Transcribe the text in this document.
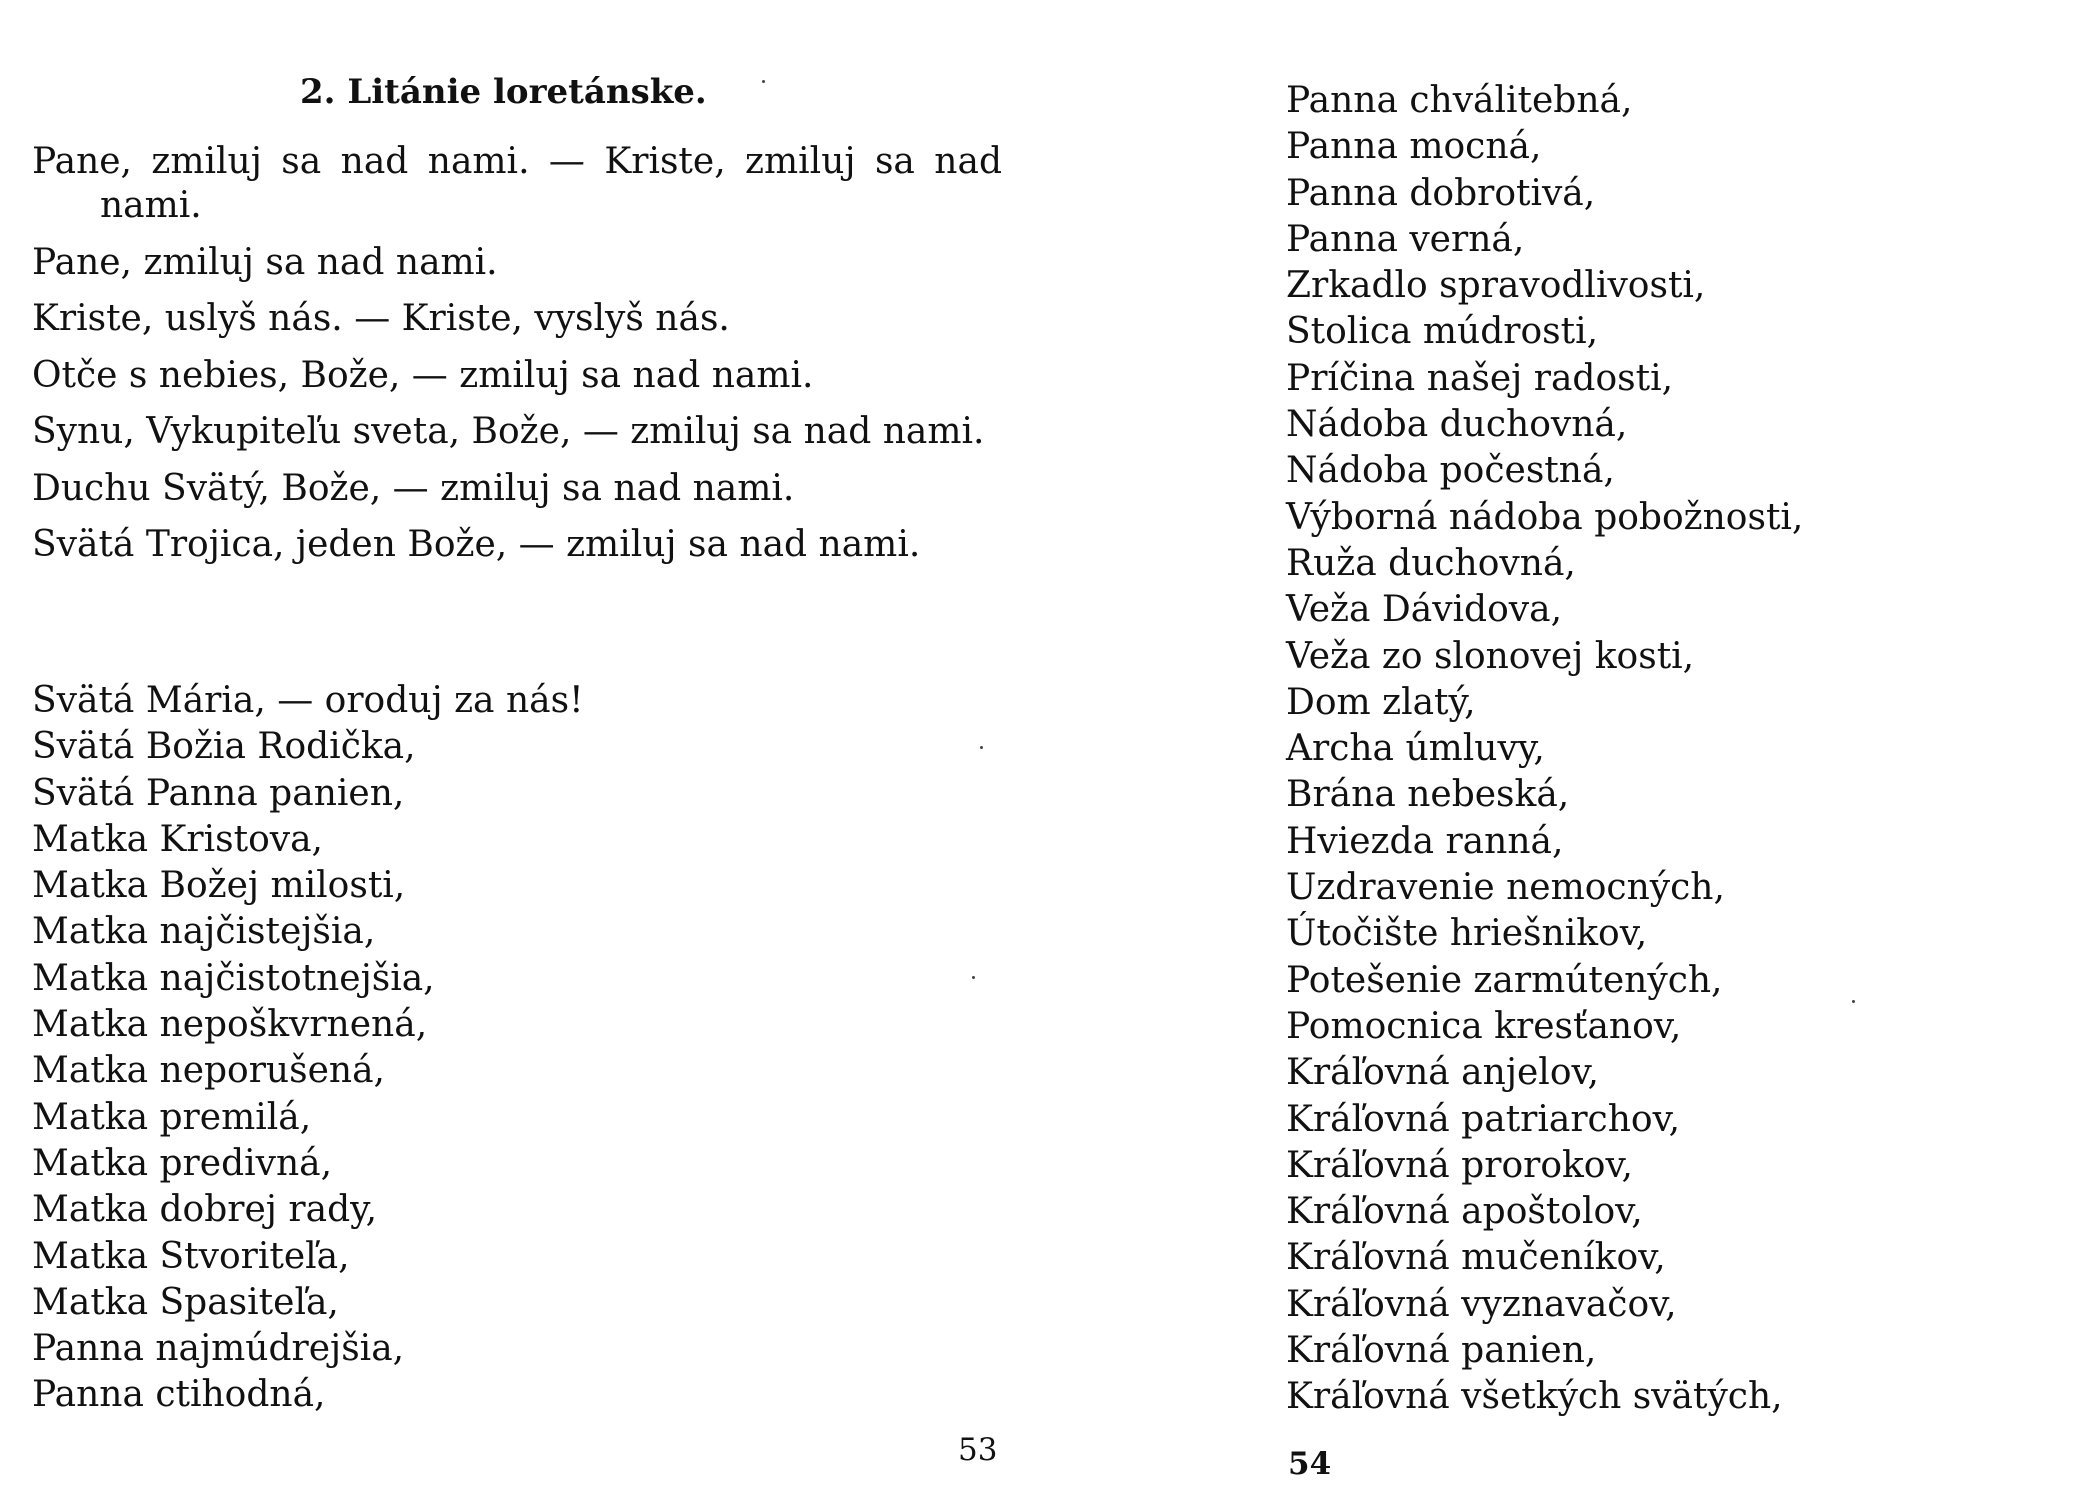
2. Litánie loretánske.

Pane, zmiluj sa nad nami. — Kriste, zmiluj sa nad nami.

Pane, zmiluj sa nad nami.

Kriste, uslyš nás. — Kriste, vyslyš nás.

Otče s nebies, Bože, — zmiluj sa nad nami.

Synu, Vykupiteľu sveta, Bože, — zmiluj sa nad nami.

Duchu Svätý, Bože, — zmiluj sa nad nami.

Svätá Trojica, jeden Bože, — zmiluj sa nad nami.

Svätá Mária, — oroduj za nás!
Svätá Božia Rodička,
Svätá Panna panien,
Matka Kristova,
Matka Božej milosti,
Matka najčistejšia,
Matka najčistotnejšia,
Matka nepoškvrnená,
Matka neporušená,
Matka premilá,
Matka predivná,
Matka dobrej rady,
Matka Stvoriteľa,
Matka Spasiteľa,
Panna najmúdrejšia,
Panna ctihodná,
53
Panna chválitebná,
Panna mocná,
Panna dobrotivá,
Panna verná,
Zrkadlo spravodlivosti,
Stolica múdrosti,
Príčina našej radosti,
Nádoba duchovná,
Nádoba počestná,
Výborná nádoba pobožnosti,
Ruža duchovná,
Veža Dávidova,
Veža zo slonovej kosti,
Dom zlatý,
Archa úmluvy,
Brána nebeská,
Hviezda ranná,
Uzdravenie nemocných,
Útočište hriešnikov,
Potešenie zarmútených,
Pomocnica kresťanov,
Kráľovná anjelov,
Kráľovná patriarchov,
Kráľovná prorokov,
Kráľovná apoštolov,
Kráľovná mučeníkov,
Kráľovná vyznavačov,
Kráľovná panien,
Kráľovná všetkých svätých,
54
